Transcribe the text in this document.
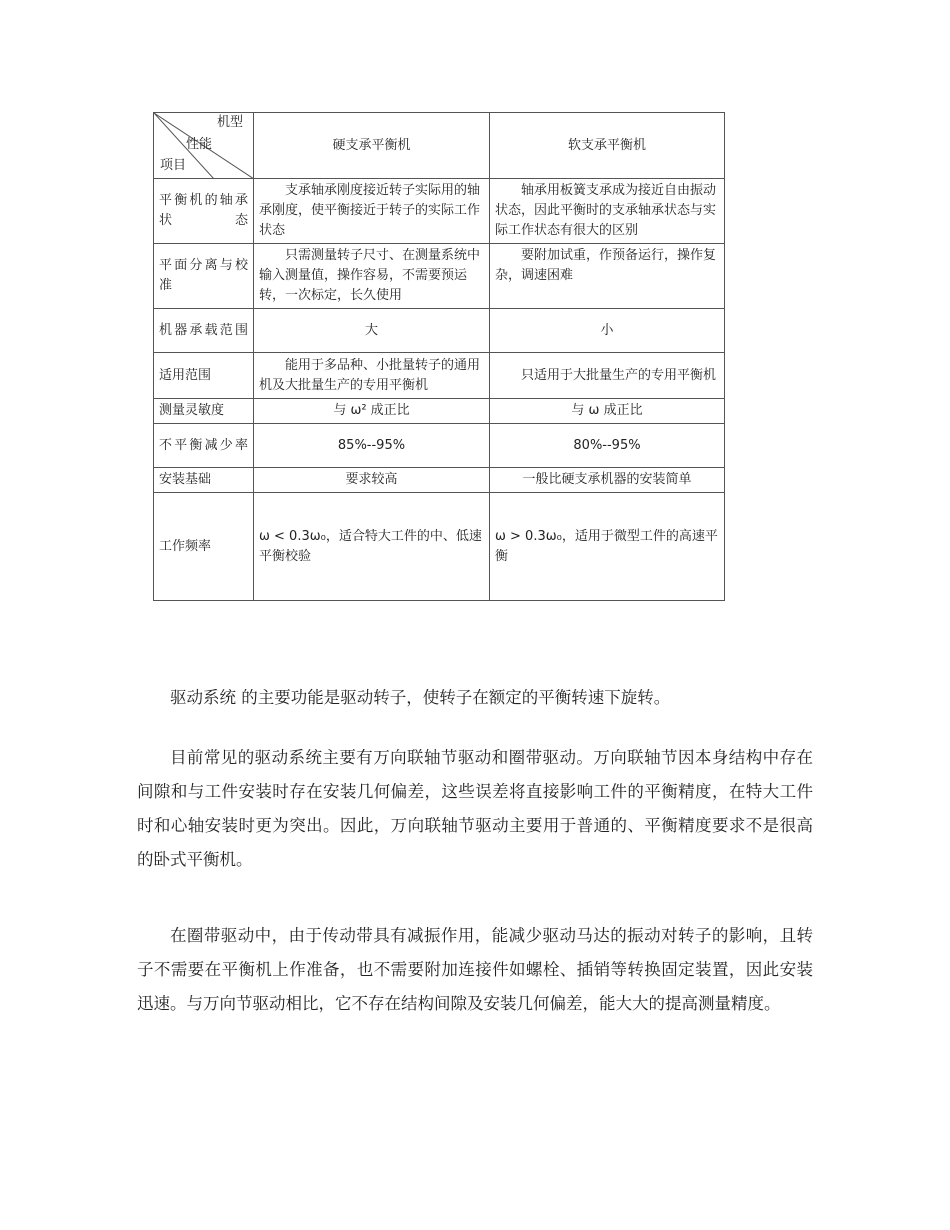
机型
性能
项目	硬支承平衡机	软支承平衡机
平衡机的轴承状态	支承轴承刚度接近转子实际用的轴承刚度，使平衡接近于转子的实际工作状态	轴承用板簧支承成为接近自由振动状态，因此平衡时的支承轴承状态与实际工作状态有很大的区别
平面分离与校准	只需测量转子尺寸、在测量系统中输入测量值，操作容易，不需要预运转，一次标定，长久使用	要附加试重，作预备运行，操作复杂，调速困难
机器承载范围	大	小
适用范围	能用于多品种、小批量转子的通用机及大批量生产的专用平衡机	只适用于大批量生产的专用平衡机
测量灵敏度	与 ω² 成正比	与 ω 成正比
不平衡减少率	85%--95%	80%--95%
安装基础	要求较高	一般比硬支承机器的安装简单
工作频率	ω < 0.3ω₀，适合特大工件的中、低速平衡校验	ω > 0.3ω₀，适用于微型工件的高速平衡

驱动系统 的主要功能是驱动转子，使转子在额定的平衡转速下旋转。

目前常见的驱动系统主要有万向联轴节驱动和圈带驱动。万向联轴节因本身结构中存在间隙和与工件安装时存在安装几何偏差，这些误差将直接影响工件的平衡精度，在特大工件时和心轴安装时更为突出。因此，万向联轴节驱动主要用于普通的、平衡精度要求不是很高的卧式平衡机。

在圈带驱动中，由于传动带具有减振作用，能减少驱动马达的振动对转子的影响，且转子不需要在平衡机上作准备，也不需要附加连接件如螺栓、插销等转换固定装置，因此安装迅速。与万向节驱动相比，它不存在结构间隙及安装几何偏差，能大大的提高测量精度。
